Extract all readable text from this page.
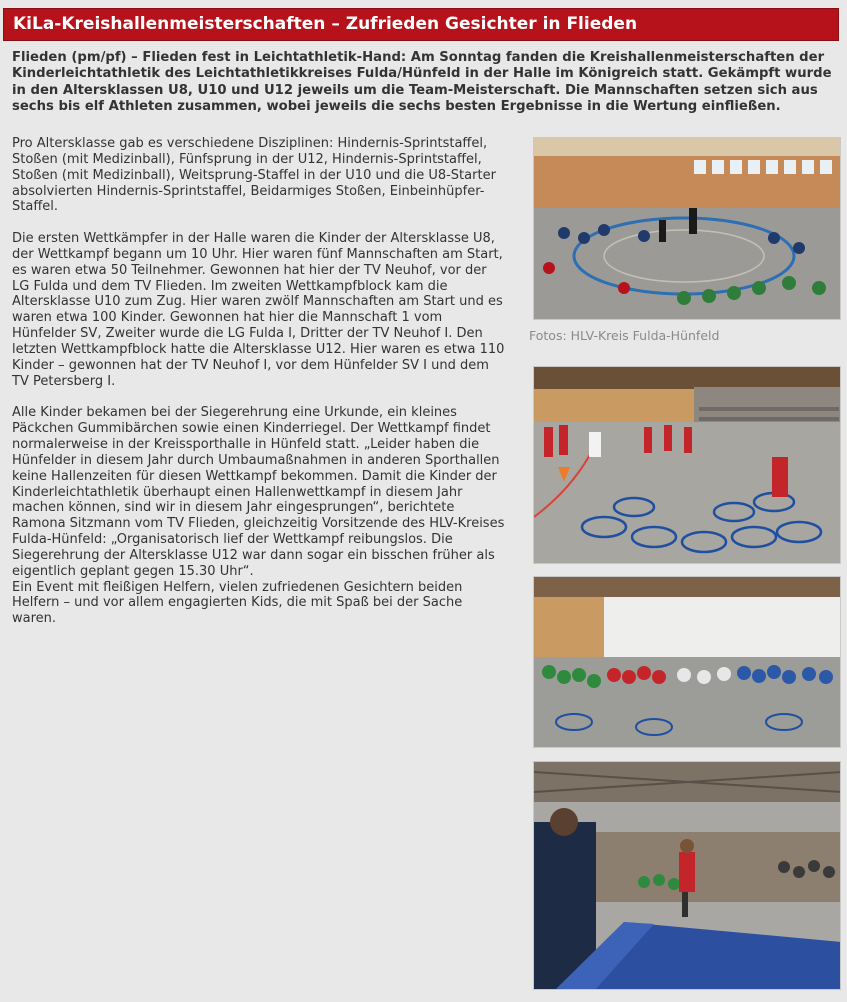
KiLa-Kreishallenmeisterschaften – Zufrieden Gesichter in Flieden

Flieden (pm/pf) – Flieden fest in Leichtathletik-Hand: Am Sonntag fanden die Kreishallenmeisterschaften der Kinderleichtathletik des Leichtathletikkreises Fulda/Hünfeld in der Halle im Königreich statt. Gekämpft wurde in den Altersklassen U8, U10 und U12 jeweils um die Team-Meisterschaft. Die Mannschaften setzen sich aus sechs bis elf Athleten zusammen, wobei jeweils die sechs besten Ergebnisse in die Wertung einfließen.

Pro Altersklasse gab es verschiedene Disziplinen: Hindernis-Sprintstaffel, Stoßen (mit Medizinball), Fünfsprung in der U12, Hindernis-Sprintstaffel, Stoßen (mit Medizinball), Weitsprung-Staffel in der U10 und die U8-Starter absolvierten Hindernis-Sprintstaffel, Beidarmiges Stoßen, Einbeinhüpfer-Staffel.

Die ersten Wettkämpfer in der Halle waren die Kinder der Altersklasse U8, der Wettkampf begann um 10 Uhr. Hier waren fünf Mannschaften am Start, es waren etwa 50 Teilnehmer. Gewonnen hat hier der TV Neuhof, vor der LG Fulda und dem TV Flieden. Im zweiten Wettkampfblock kam die Altersklasse U10 zum Zug. Hier waren zwölf Mannschaften am Start und es waren etwa 100 Kinder. Gewonnen hat hier die Mannschaft 1 vom Hünfelder SV, Zweiter wurde die LG Fulda I, Dritter der TV Neuhof I. Den letzten Wettkampfblock hatte die Altersklasse U12. Hier waren es etwa 110 Kinder – gewonnen hat der TV Neuhof I, vor dem Hünfelder SV I und dem TV Petersberg I.

Alle Kinder bekamen bei der Siegerehrung eine Urkunde, ein kleines Päckchen Gummibärchen sowie einen Kinderriegel. Der Wettkampf findet normalerweise in der Kreissporthalle in Hünfeld statt. „Leider haben die Hünfelder in diesem Jahr durch Umbaumaßnahmen in anderen Sporthallen keine Hallenzeiten für diesen Wettkampf bekommen. Damit die Kinder der Kinderleichtathletik überhaupt einen Hallenwettkampf in diesem Jahr machen können, sind wir in diesem Jahr eingesprungen“, berichtete Ramona Sitzmann vom TV Flieden, gleichzeitig Vorsitzende des HLV-Kreises Fulda-Hünfeld: „Organisatorisch lief der Wettkampf reibungslos. Die Siegerehrung der Altersklasse U12 war dann sogar ein bisschen früher als eigentlich geplant gegen 15.30 Uhr“.

Ein Event mit fleißigen Helfern, vielen zufriedenen Gesichtern beiden Helfern – und vor allem engagierten Kids, die mit Spaß bei der Sache waren.

Fotos: HLV-Kreis Fulda-Hünfeld
